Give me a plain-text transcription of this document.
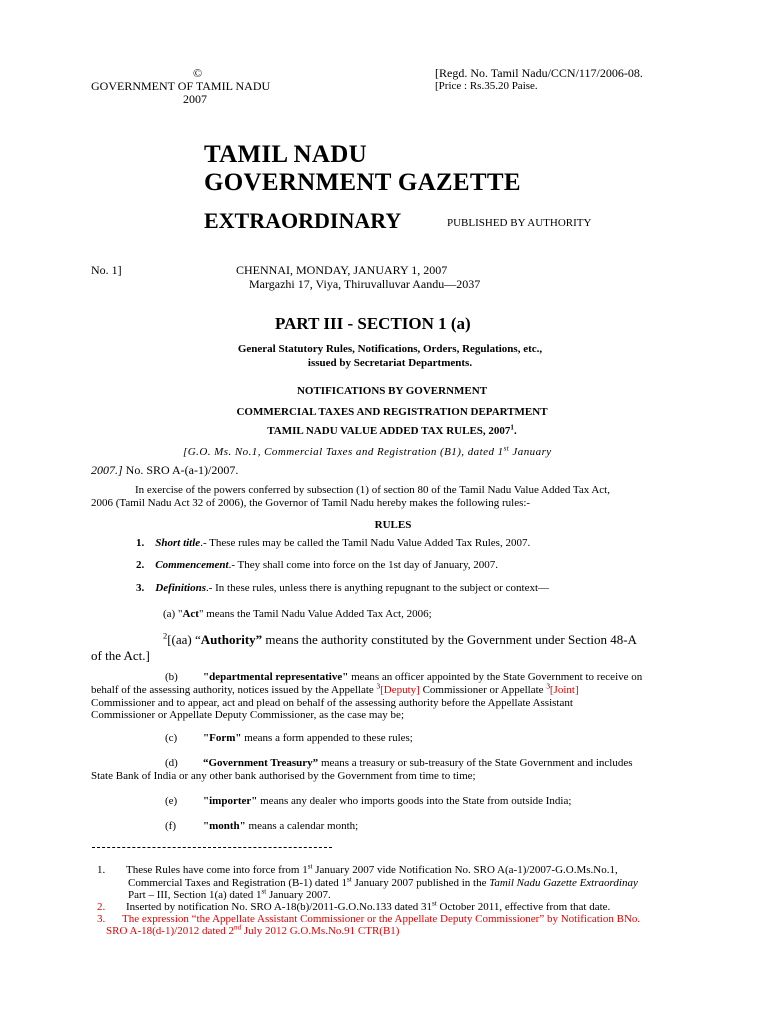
©
GOVERNMENT OF TAMIL NADU
2007
[Regd. No. Tamil Nadu/CCN/117/2006-08.
[Price : Rs.35.20 Paise.
TAMIL NADU
GOVERNMENT GAZETTE
EXTRAORDINARY	PUBLISHED BY AUTHORITY
No. 1]	CHENNAI, MONDAY, JANUARY 1, 2007
Margazhi 17, Viya, Thiruvalluvar Aandu—2037
PART III - SECTION 1 (a)
General Statutory Rules, Notifications, Orders, Regulations, etc.,
issued by Secretariat Departments.
NOTIFICATIONS BY GOVERNMENT
COMMERCIAL TAXES AND REGISTRATION DEPARTMENT
TAMIL NADU VALUE ADDED TAX RULES, 2007$^1$.
[G.O. Ms. No.1, Commercial Taxes and Registration (B1), dated 1st January
2007.] No. SRO A-(a-1)/2007.
In exercise of the powers conferred by subsection (1) of section 80 of the Tamil Nadu Value Added Tax Act,
2006 (Tamil Nadu Act 32 of 2006), the Governor of Tamil Nadu hereby makes the following rules:-
RULES
1. Short title.- These rules may be called the Tamil Nadu Value Added Tax Rules, 2007.
2. Commencement.- They shall come into force on the 1st day of January, 2007.
3. Definitions.- In these rules, unless there is anything repugnant to the subject or context—
(a) "Act" means the Tamil Nadu Value Added Tax Act, 2006;
$^2$[(aa) “Authority” means the authority constituted by the Government under Section 48-A
of the Act.]
(b) "departmental representative" means an officer appointed by the State Government to receive on
behalf of the assessing authority, notices issued by the Appellate $^3$[Deputy] Commissioner or Appellate $^3$[Joint]
Commissioner and to appear, act and plead on behalf of the assessing authority before the Appellate Assistant
Commissioner or Appellate Deputy Commissioner, as the case may be;
(c) "Form" means a form appended to these rules;
(d) “Government Treasury” means a treasury or sub-treasury of the State Government and includes
State Bank of India or any other bank authorised by the Government from time to time;
(e) "importer" means any dealer who imports goods into the State from outside India;
(f) "month" means a calendar month;
1. These Rules have come into force from 1st January 2007 vide Notification No. SRO A(a-1)/2007-G.O.Ms.No.1,
Commercial Taxes and Registration (B-1) dated 1st January 2007 published in the Tamil Nadu Gazette Extraordinay
Part – III, Section 1(a) dated 1st January 2007.
2. Inserted by notification No. SRO A-18(b)/2011-G.O.No.133 dated 31st October 2011, effective from that date.
3. The expression “the Appellate Assistant Commissioner or the Appellate Deputy Commissioner” by Notification BNo.
SRO A-18(d-1)/2012 dated 2nd July 2012 G.O.Ms.No.91 CTR(B1)
